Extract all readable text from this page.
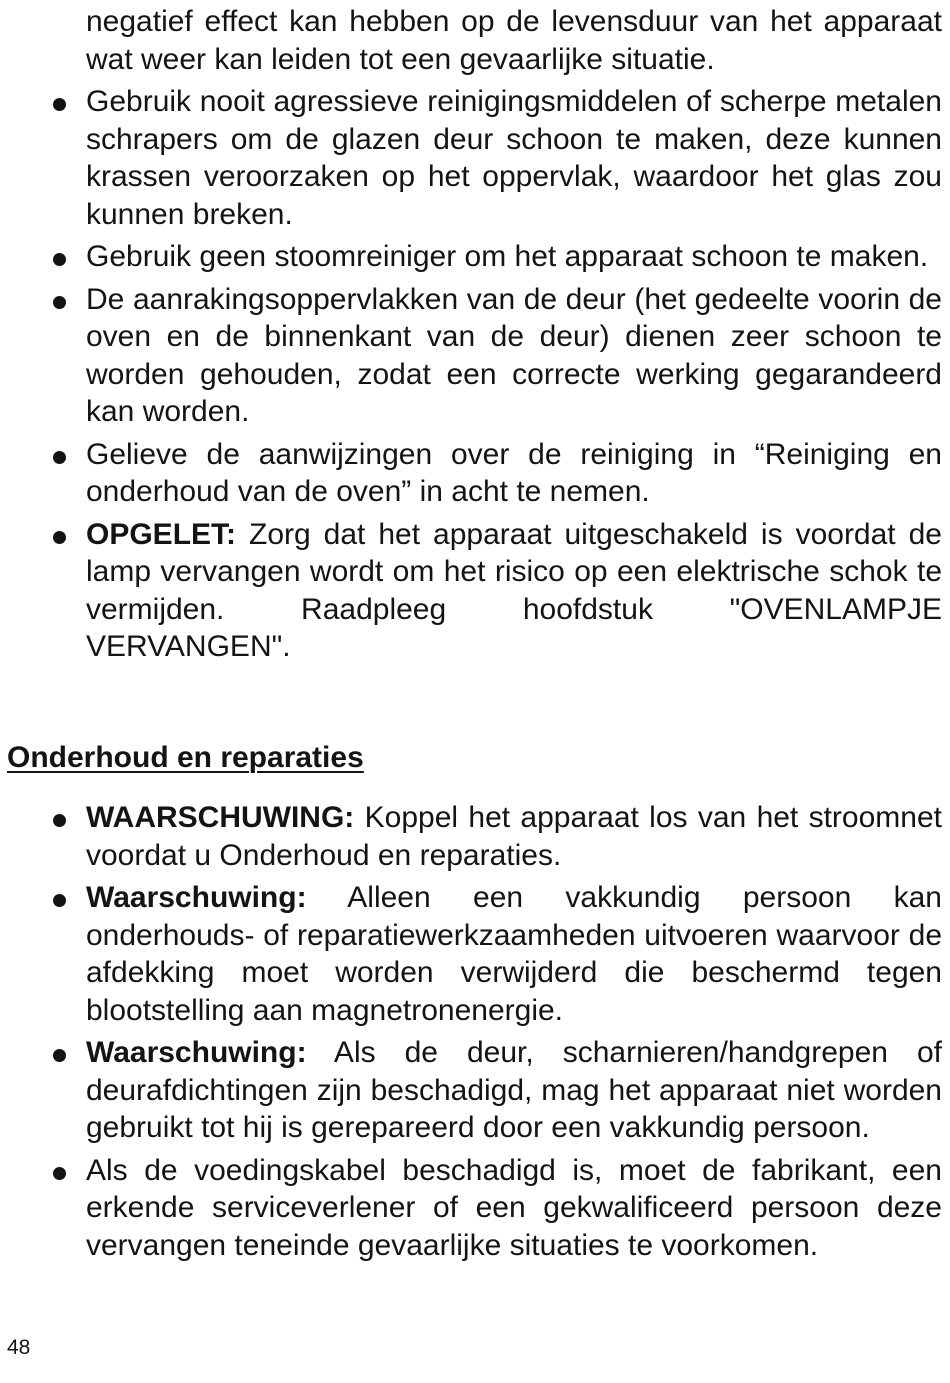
negatief effect kan hebben op de levensduur van het apparaat wat weer kan leiden tot een gevaarlijke situatie.
Gebruik nooit agressieve reinigingsmiddelen of scherpe metalen schrapers om de glazen deur schoon te maken, deze kunnen krassen veroorzaken op het oppervlak, waardoor het glas zou kunnen breken.
Gebruik geen stoomreiniger om het apparaat schoon te maken.
De aanrakingsoppervlakken van de deur (het gedeelte voorin de oven en de binnenkant van de deur) dienen zeer schoon te worden gehouden, zodat een correcte werking gegarandeerd kan worden.
Gelieve de aanwijzingen over de reiniging in “Reiniging en onderhoud van de oven” in acht te nemen.
OPGELET: Zorg dat het apparaat uitgeschakeld is voordat de lamp vervangen wordt om het risico op een elektrische schok te vermijden. Raadpleeg hoofdstuk "OVENLAMPJE VERVANGEN".
Onderhoud en reparaties
WAARSCHUWING: Koppel het apparaat los van het stroomnet voordat u Onderhoud en reparaties.
Waarschuwing: Alleen een vakkundig persoon kan onderhouds- of reparatiewerkzaamheden uitvoeren waarvoor de afdekking moet worden verwijderd die beschermd tegen blootstelling aan magnetronenergie.
Waarschuwing: Als de deur, scharnieren/handgrepen of deurafdichtingen zijn beschadigd, mag het apparaat niet worden gebruikt tot hij is gerepareerd door een vakkundig persoon.
Als de voedingskabel beschadigd is, moet de fabrikant, een erkende serviceverlener of een gekwalificeerd persoon deze vervangen teneinde gevaarlijke situaties te voorkomen.
48
